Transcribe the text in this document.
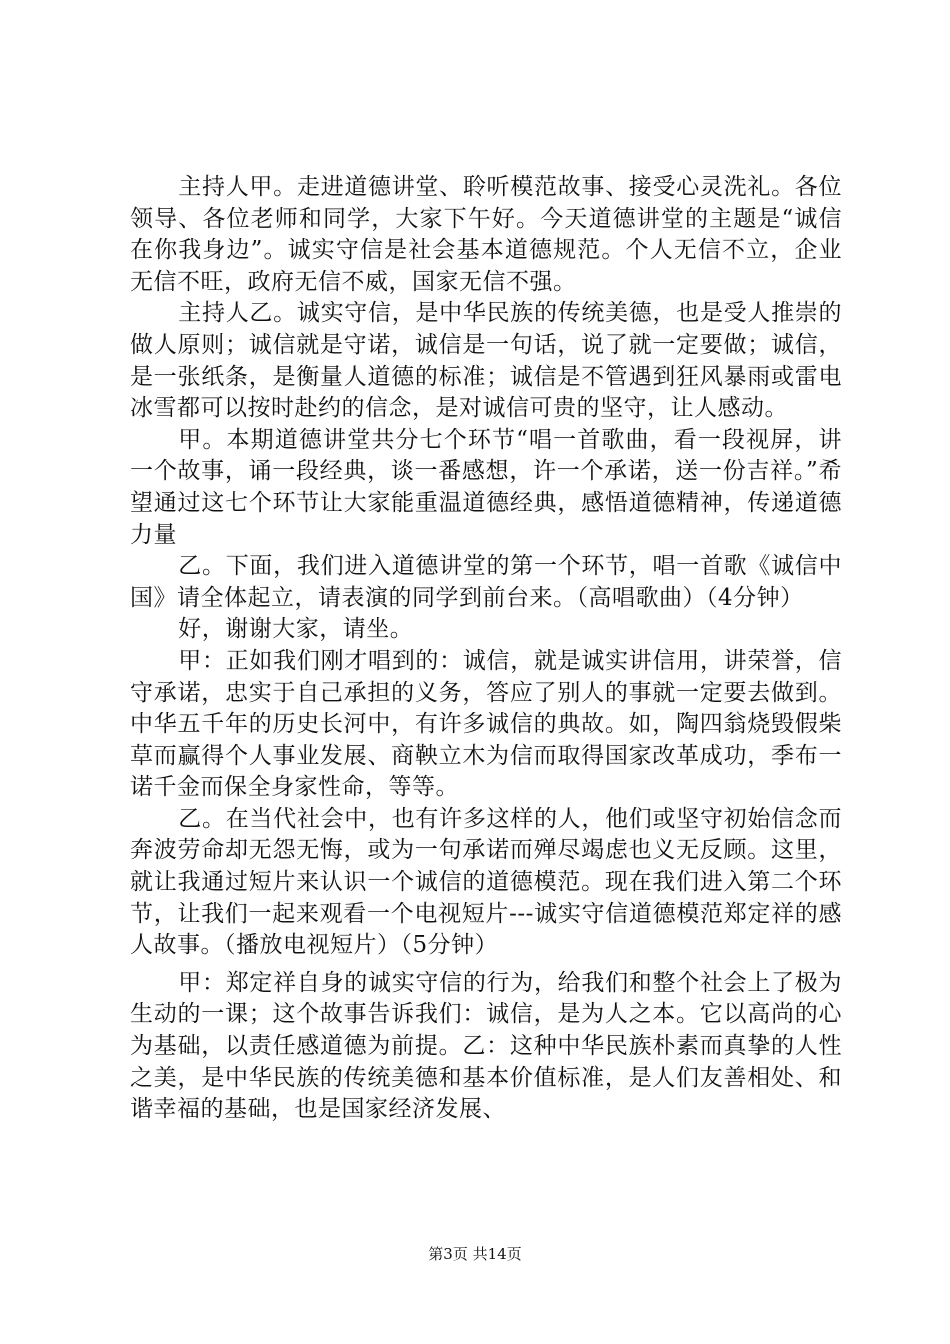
主持人甲。走进道德讲堂、聆听模范故事、接受心灵洗礼。各位领导、各位老师和同学，大家下午好。今天道德讲堂的主题是“诚信在你我身边”。诚实守信是社会基本道德规范。个人无信不立，企业无信不旺，政府无信不威，国家无信不强。

主持人乙。诚实守信，是中华民族的传统美德，也是受人推崇的做人原则；诚信就是守诺，诚信是一句话，说了就一定要做；诚信，是一张纸条，是衡量人道德的标准；诚信是不管遇到狂风暴雨或雷电冰雪都可以按时赴约的信念，是对诚信可贵的坚守，让人感动。

甲。本期道德讲堂共分七个环节“唱一首歌曲，看一段视屏，讲一个故事，诵一段经典，谈一番感想，许一个承诺，送一份吉祥。”希望通过这七个环节让大家能重温道德经典，感悟道德精神，传递道德力量

乙。下面，我们进入道德讲堂的第一个环节，唱一首歌《诚信中国》请全体起立，请表演的同学到前台来。（高唱歌曲）（4分钟）

好，谢谢大家，请坐。

甲：正如我们刚才唱到的：诚信，就是诚实讲信用，讲荣誉，信守承诺，忠实于自己承担的义务，答应了别人的事就一定要去做到。中华五千年的历史长河中，有许多诚信的典故。如，陶四翁烧毁假柴草而赢得个人事业发展、商鞅立木为信而取得国家改革成功，季布一诺千金而保全身家性命，等等。

乙。在当代社会中，也有许多这样的人，他们或坚守初始信念而奔波劳命却无怨无悔，或为一句承诺而殚尽竭虑也义无反顾。这里，就让我通过短片来认识一个诚信的道德模范。现在我们进入第二个环节，让我们一起来观看一个电视短片---诚实守信道德模范郑定祥的感人故事。（播放电视短片）（5分钟）

甲：郑定祥自身的诚实守信的行为，给我们和整个社会上了极为生动的一课；这个故事告诉我们：诚信，是为人之本。它以高尚的心为基础，以责任感道德为前提。乙：这种中华民族朴素而真挚的人性之美，是中华民族的传统美德和基本价值标准，是人们友善相处、和谐幸福的基础，也是国家经济发展、

第3页 共14页
